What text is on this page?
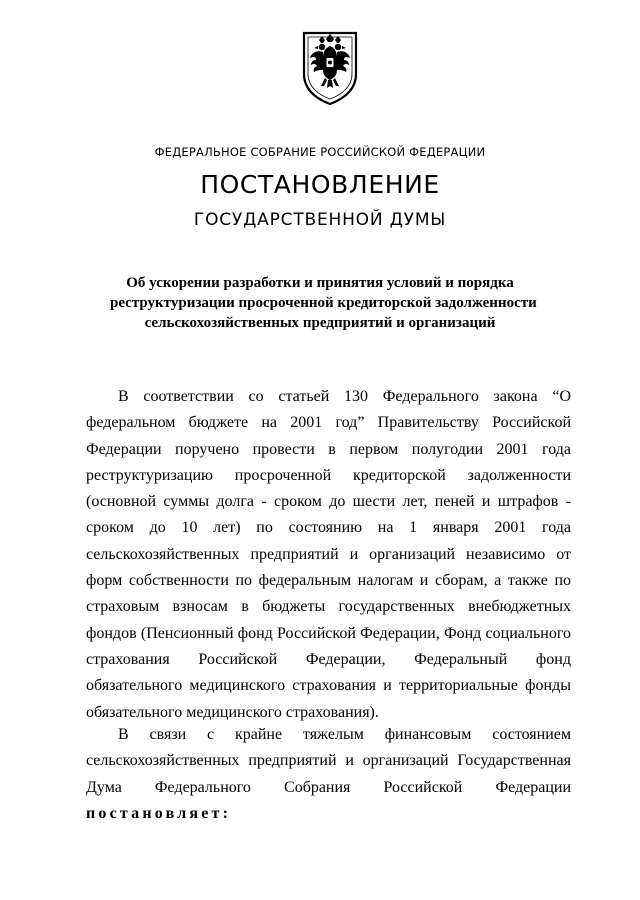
ФЕДЕРАЛЬНОЕ СОБРАНИЕ РОССИЙСКОЙ ФЕДЕРАЦИИ
ПОСТАНОВЛЕНИЕ
ГОСУДАРСТВЕННОЙ ДУМЫ
Об ускорении разработки и принятия условий и порядка
реструктуризации просроченной кредиторской задолженности
сельскохозяйственных предприятий и организаций
В соответствии со статьей 130 Федерального закона “О
федеральном бюджете на 2001 год” Правительству Российской
Федерации поручено провести в первом полугодии 2001 года
реструктуризацию просроченной кредиторской задолженности
(основной суммы долга - сроком до шести лет, пеней и штрафов -
сроком до 10 лет) по состоянию на 1 января 2001 года
сельскохозяйственных предприятий и организаций независимо от
форм собственности по федеральным налогам и сборам, а также по
страховым взносам в бюджеты государственных внебюджетных
фондов (Пенсионный фонд Российской Федерации, Фонд социального
страхования Российской Федерации, Федеральный фонд
обязательного медицинского страхования и территориальные фонды
обязательного медицинского страхования).
В связи с крайне тяжелым финансовым состоянием
сельскохозяйственных предприятий и организаций Государственная
Дума Федерального Собрания Российской Федерации
постановляет:
